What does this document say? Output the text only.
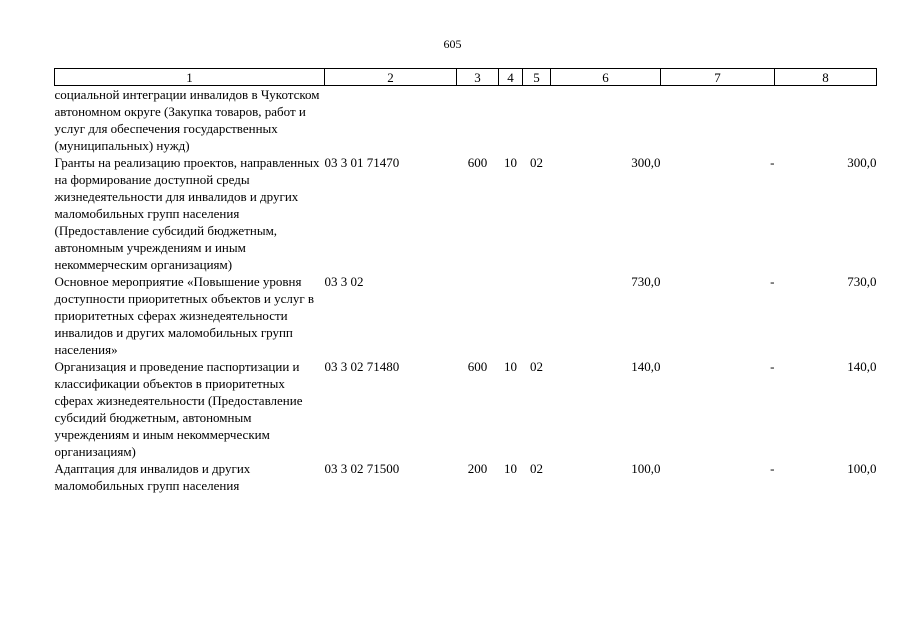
605
1	2	3	4	5	6	7	8
социальной интеграции инвалидов в Чукотском автономном округе (Закупка товаров, работ и услуг для обеспечения государственных (муниципальных) нужд)							
Гранты на реализацию проектов, направленных на формирование доступной среды жизнедеятельности для инвалидов и других маломобильных групп населения (Предоставление субсидий бюджетным, автономным учреждениям и иным некоммерческим организациям)	03 3 01 71470	600	10	02	300,0	-	300,0
Основное мероприятие «Повышение уровня доступности приоритетных объектов и услуг в приоритетных сферах жизнедеятельности инвалидов и других маломобильных групп населения»	03 3 02				730,0	-	730,0
Организация и проведение паспортизации и классификации объектов в приоритетных сферах жизнедеятельности (Предоставление субсидий бюджетным, автономным учреждениям и иным некоммерческим организациям)	03 3 02 71480	600	10	02	140,0	-	140,0
Адаптация для инвалидов и других маломобильных групп населения	03 3 02 71500	200	10	02	100,0	-	100,0
